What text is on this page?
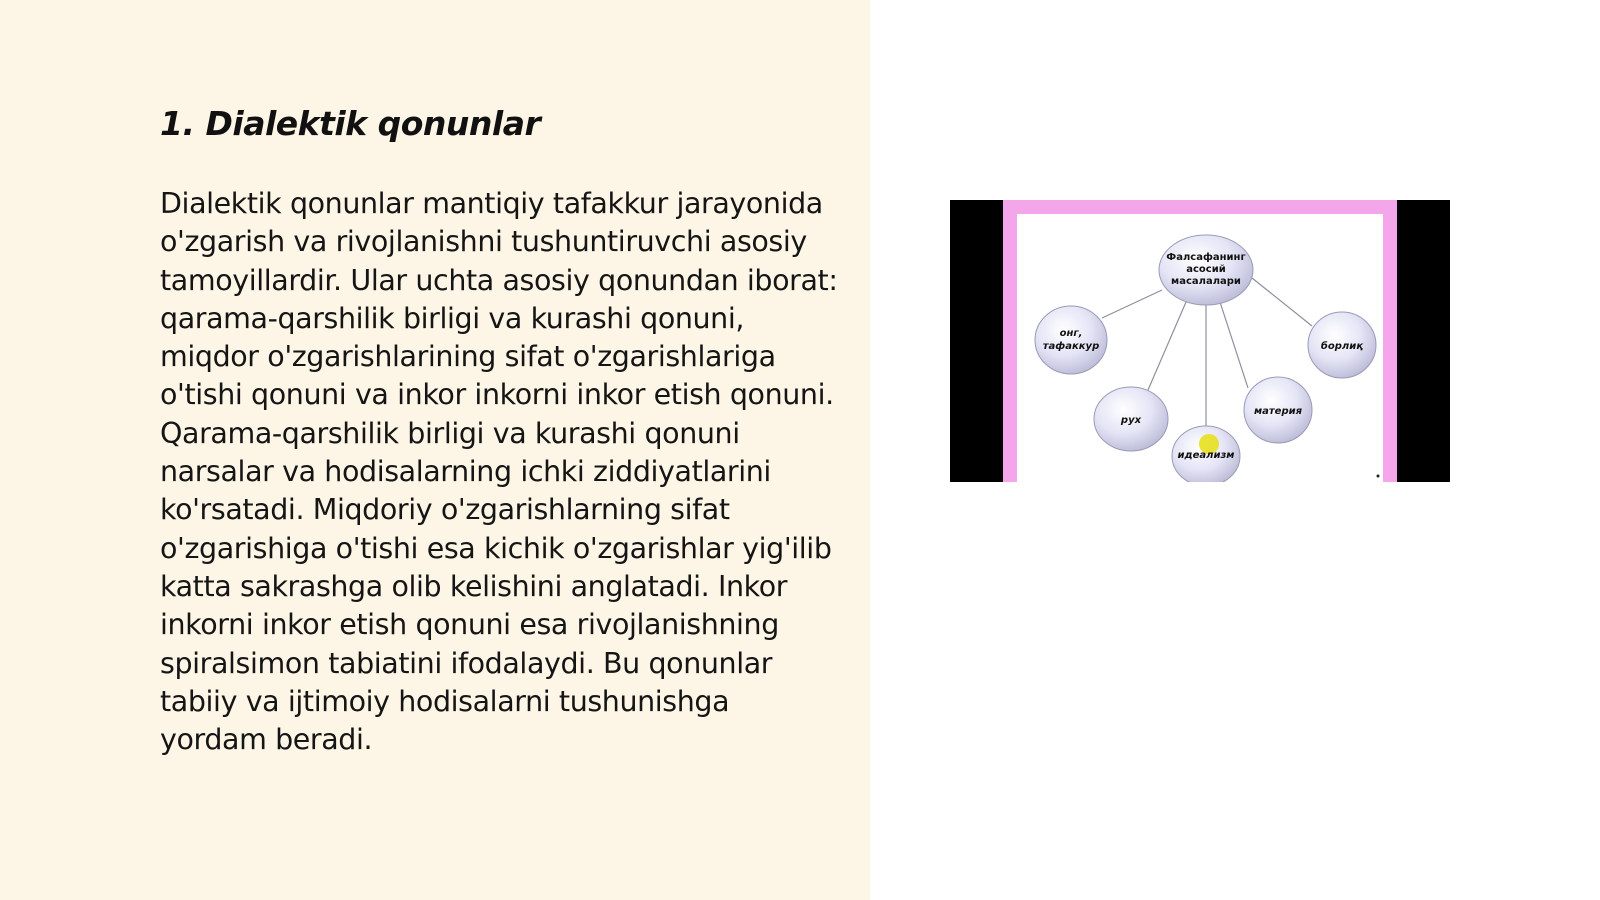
1. Dialektik qonunlar

Dialektik qonunlar mantiqiy tafakkur jarayonida o'zgarish va rivojlanishni tushuntiruvchi asosiy tamoyillardir. Ular uchta asosiy qonundan iborat: qarama-qarshilik birligi va kurashi qonuni, miqdor o'zgarishlarining sifat o'zgarishlariga o'tishi qonuni va inkor inkorni inkor etish qonuni. Qarama-qarshilik birligi va kurashi qonuni narsalar va hodisalarning ichki ziddiyatlarini ko'rsatadi. Miqdoriy o'zgarishlarning sifat o'zgarishiga o'tishi esa kichik o'zgarishlar yig'ilib katta sakrashga olib kelishini anglatadi. Inkor inkorni inkor etish qonuni esa rivojlanishning spiralsimon tabiatini ifodalaydi. Bu qonunlar tabiiy va ijtimoiy hodisalarni tushunishga yordam beradi.

Фалсафанинг
асосий
масалалари
онг,
тафаккур	борлиқ
рух
материя
идеализм
